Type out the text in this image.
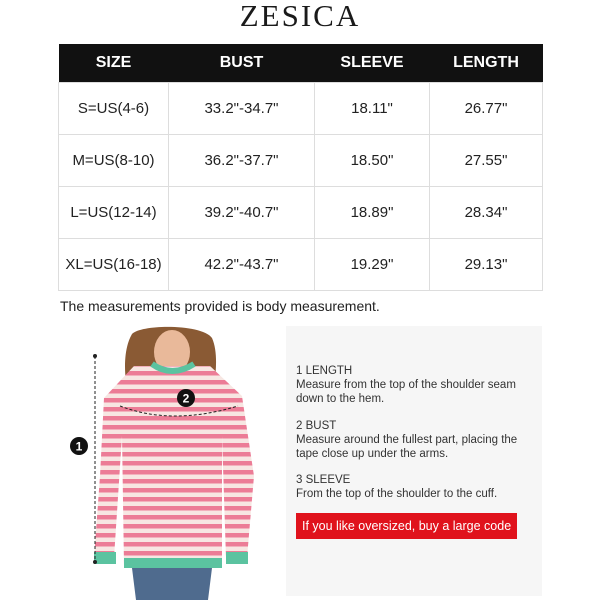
ZESICA
SIZE	BUST	SLEEVE	LENGTH
S=US(4-6)	33.2"-34.7"	18.11"	26.77"
M=US(8-10)	36.2"-37.7"	18.50"	27.55"
L=US(12-14)	39.2"-40.7"	18.89"	28.34"
XL=US(16-18)	42.2"-43.7"	19.29"	29.13"
The measurements provided is body measurement.
1
2
1 LENGTH
Measure from the top of the shoulder seam down to the hem.
2 BUST
Measure around the fullest part, placing the tape close up under the arms.
3 SLEEVE
From the top of the shoulder to the cuff.
If you like oversized, buy a large code
